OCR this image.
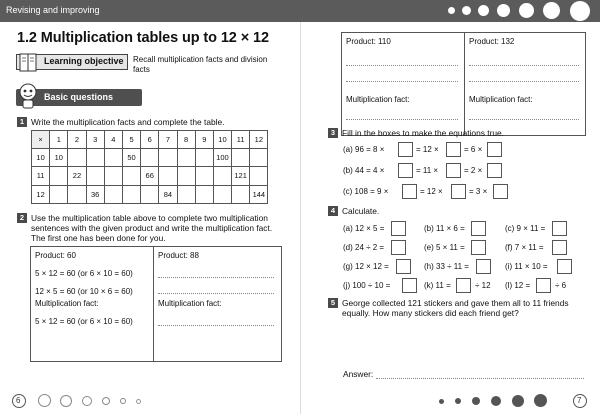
Revising and improving
1.2 Multiplication tables up to 12 × 12
Learning objective Recall multiplication facts and division facts
Basic questions
1 Write the multiplication facts and complete the table.
×	1	2	3	4	5	6	7	8	9	10	11	12
10	10				50					100		
11		22				66					121	
12			36				84					144
2 Use the multiplication table above to complete two multiplication
sentences with the given product and write the multiplication fact.
The first one has been done for you.
Product: 60
5 × 12 = 60 (or 6 × 10 = 60)
12 × 5 = 60 (or 10 × 6 = 60)
Multiplication fact:
5 × 12 = 60 (or 6 × 10 = 60)
Product: 88
Multiplication fact:
6
Product: 110
Multiplication fact:
Product: 132
Multiplication fact:
3 Fill in the boxes to make the equations true.
(a) 96 = 8 ×	= 12 ×	= 6 ×
(b) 44 = 4 ×	= 11 ×	= 2 ×
(c) 108 = 9 ×	= 12 ×	= 3 ×
4 Calculate.
(a) 12 × 5 =	(b) 11 × 6 =	(c) 9 × 11 =
(d) 24 ÷ 2 =	(e) 5 × 11 =	(f) 7 × 11 =
(g) 12 × 12 =	(h) 33 ÷ 11 =	(i) 11 × 10 =
(j) 100 ÷ 10 =	(k) 11 =	÷ 12 (l) 12 =	÷ 6
5 George collected 121 stickers and gave them all to 11 friends
equally. How many stickers did each friend get?
Answer:
7
